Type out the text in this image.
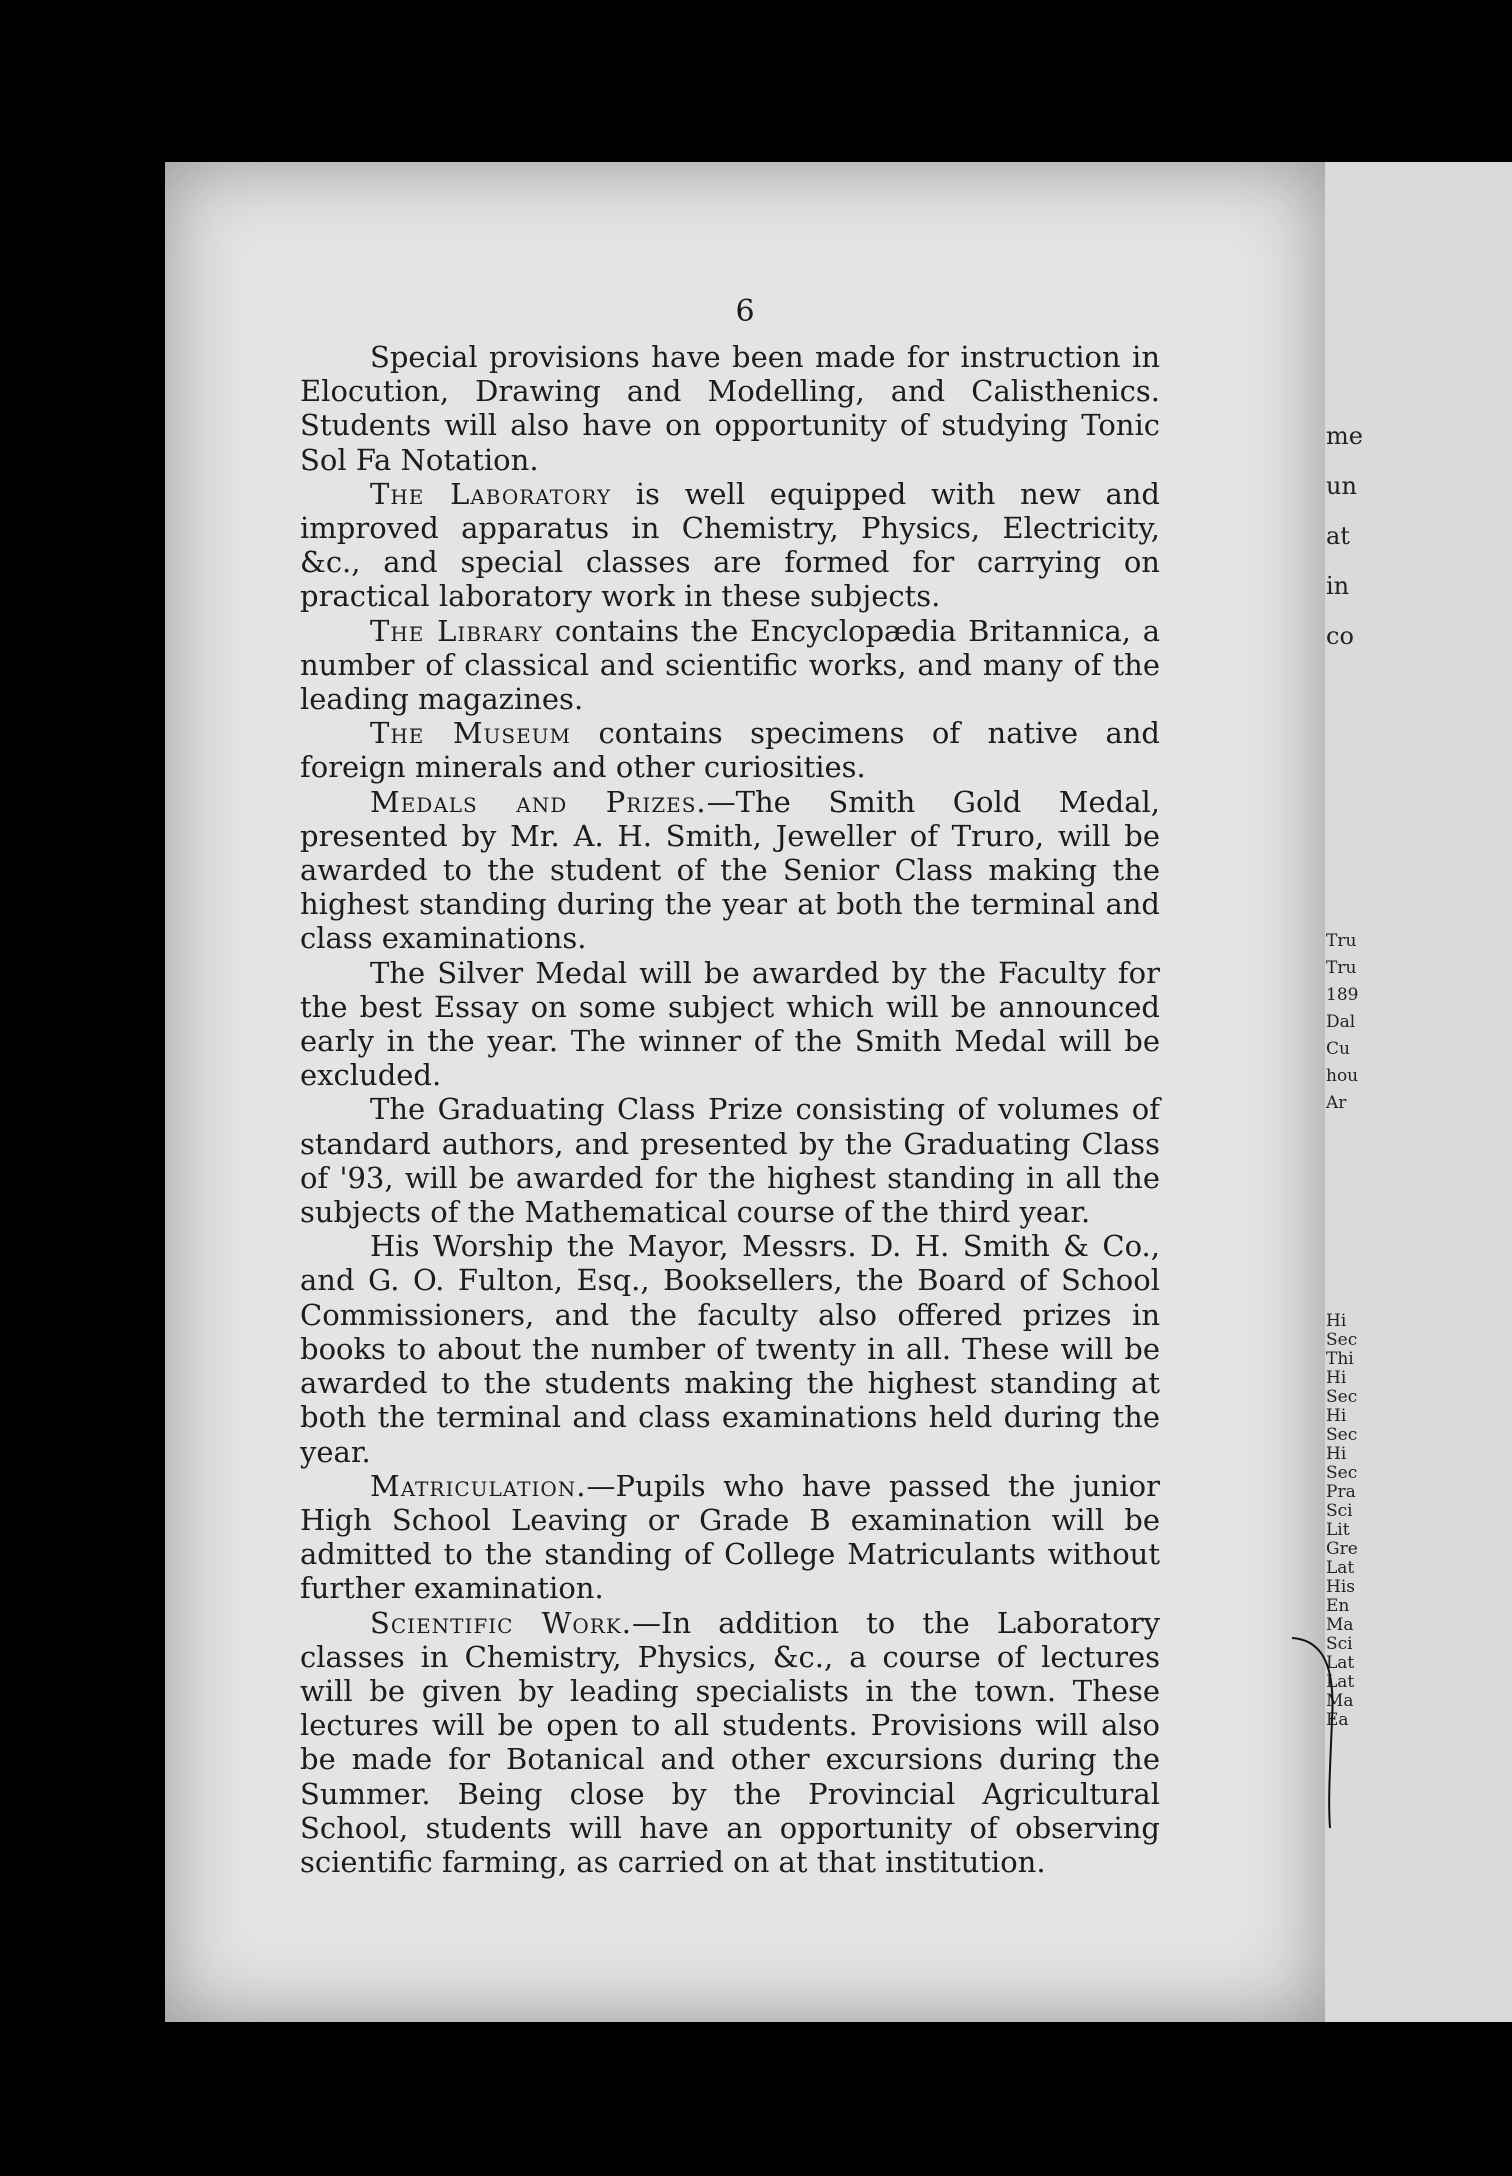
6

Special provisions have been made for instruction in Elocution, Drawing and Modelling, and Calisthenics. Students will also have on opportunity of studying Tonic Sol Fa Notation.

The Laboratory is well equipped with new and improved apparatus in Chemistry, Physics, Electricity, &c., and special classes are formed for carrying on practical laboratory work in these subjects.

The Library contains the Encyclopædia Britannica, a number of classical and scientific works, and many of the leading magazines.

The Museum contains specimens of native and foreign minerals and other curiosities.

Medals and Prizes.—The Smith Gold Medal, presented by Mr. A. H. Smith, Jeweller of Truro, will be awarded to the student of the Senior Class making the highest standing during the year at both the terminal and class examinations.

The Silver Medal will be awarded by the Faculty for the best Essay on some subject which will be announced early in the year. The winner of the Smith Medal will be excluded.

The Graduating Class Prize consisting of volumes of standard authors, and presented by the Graduating Class of '93, will be awarded for the highest standing in all the subjects of the Mathematical course of the third year.

His Worship the Mayor, Messrs. D. H. Smith & Co., and G. O. Fulton, Esq., Booksellers, the Board of School Commissioners, and the faculty also offered prizes in books to about the number of twenty in all. These will be awarded to the students making the highest standing at both the terminal and class examinations held during the year.

Matriculation.—Pupils who have passed the junior High School Leaving or Grade B examination will be admitted to the standing of College Matriculants without further examination.

Scientific Work.—In addition to the Laboratory classes in Chemistry, Physics, &c., a course of lectures will be given by leading specialists in the town. These lectures will be open to all students. Provisions will also be made for Botanical and other excursions during the Summer. Being close by the Provincial Agricultural School, students will have an opportunity of observing scientific farming, as carried on at that institution.

me
un
at
in
co
Tru
Tru
189
Dal
Cu
hou
Ar
Hi
Sec
Thi
Hi
Sec
Hi
Sec
Hi
Sec
Pra
Sci
Lit
Gre
Lat
His
En
Ma
Sci
Lat
Lat
Ma
Ea
